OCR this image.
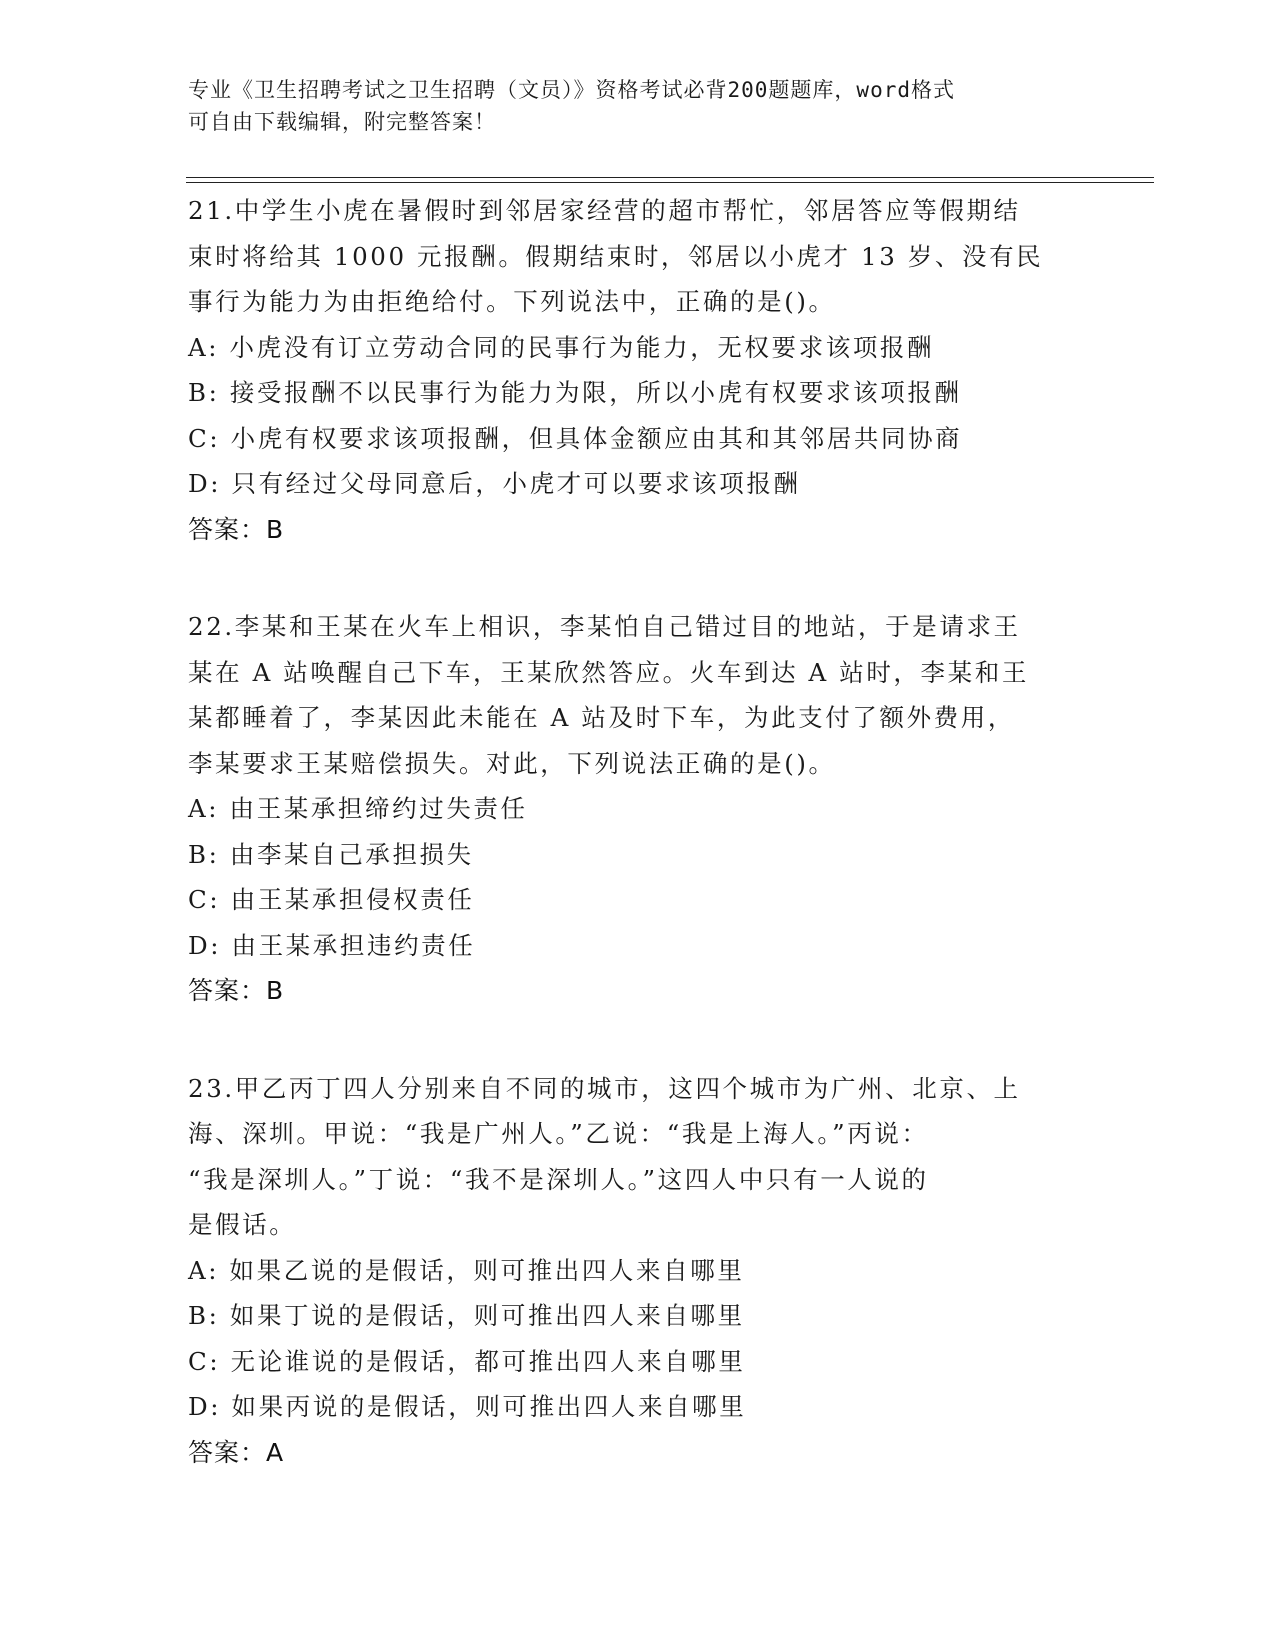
专业《卫生招聘考试之卫生招聘（文员）》资格考试必背200题题库，word格式
可自由下载编辑，附完整答案！
21.中学生小虎在暑假时到邻居家经营的超市帮忙，邻居答应等假期结
束时将给其 1000 元报酬。假期结束时，邻居以小虎才 13 岁、没有民
事行为能力为由拒绝给付。下列说法中，正确的是()。
A: 小虎没有订立劳动合同的民事行为能力，无权要求该项报酬
B: 接受报酬不以民事行为能力为限，所以小虎有权要求该项报酬
C: 小虎有权要求该项报酬，但具体金额应由其和其邻居共同协商
D: 只有经过父母同意后，小虎才可以要求该项报酬
答案：B
22.李某和王某在火车上相识，李某怕自己错过目的地站，于是请求王
某在 A 站唤醒自己下车，王某欣然答应。火车到达 A 站时，李某和王
某都睡着了，李某因此未能在 A 站及时下车，为此支付了额外费用，
李某要求王某赔偿损失。对此，下列说法正确的是()。
A: 由王某承担缔约过失责任
B: 由李某自己承担损失
C: 由王某承担侵权责任
D: 由王某承担违约责任
答案：B
23.甲乙丙丁四人分别来自不同的城市，这四个城市为广州、北京、上
海、深圳。甲说：“我是广州人。”乙说：“我是上海人。”丙说：
“我是深圳人。”丁说：“我不是深圳人。”这四人中只有一人说的
是假话。
A: 如果乙说的是假话，则可推出四人来自哪里
B: 如果丁说的是假话，则可推出四人来自哪里
C: 无论谁说的是假话，都可推出四人来自哪里
D: 如果丙说的是假话，则可推出四人来自哪里
答案：A
